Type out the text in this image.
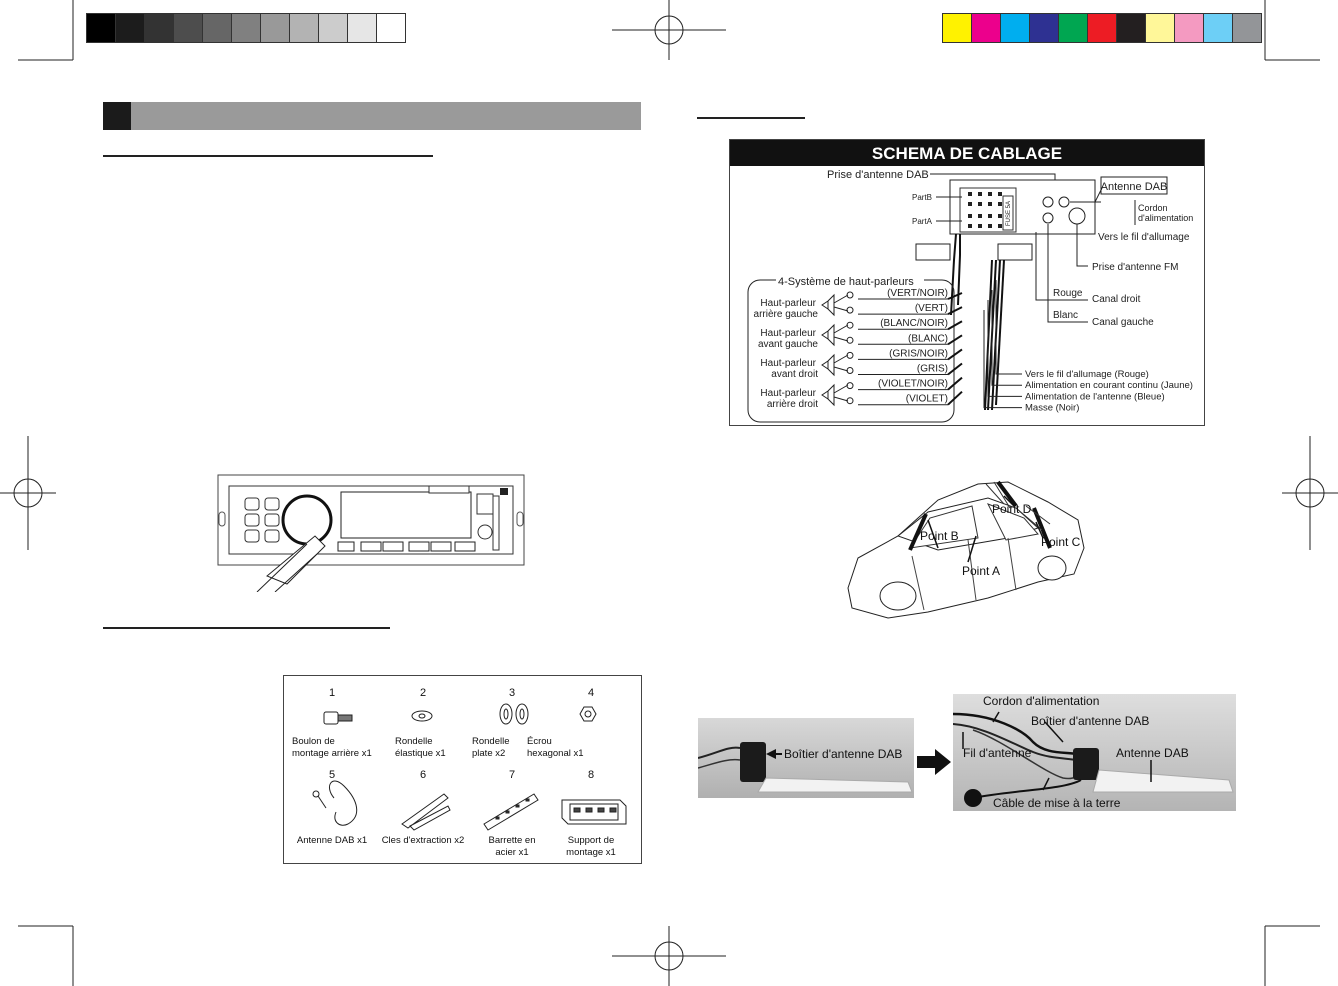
SCHEMA DE CABLAGE
Prise d'antenne DAB
FUSE 5A
PartB
PartA
Antenne DAB
Cordon
d'alimentation
Vers le fil d'allumage
Prise d'antenne FM
Rouge
Blanc
Canal droit
Canal gauche
4-Système de haut-parleurs
(VERT/NOIR)
(VERT)
(BLANC/NOIR)
(BLANC)
(GRIS/NOIR)
(GRIS)
(VIOLET/NOIR)
(VIOLET)
Haut-parleur
arrière gauche
Haut-parleur
avant gauche
Haut-parleur
avant droit
Haut-parleur
arrière droit
Vers le fil d'allumage (Rouge)
Alimentation en courant continu (Jaune)
Alimentation de l'antenne (Bleue)
Masse (Noir)
Point A
Point B	Point C
Point D
1
Boulon de
montage arrière x1
2
Rondelle
élastique x1
3
Rondelle
plate x2
4
Écrou
hexagonal x1
5
Antenne DAB x1
6
Cles d'extraction x2
7
Barrette en
acier x1
8
Support de
montage x1
Boîtier d'antenne DAB
Cordon d'alimentation
Boîtier d'antenne DAB
Fil d'antenne	Antenne DAB
Câble de mise à la terre
